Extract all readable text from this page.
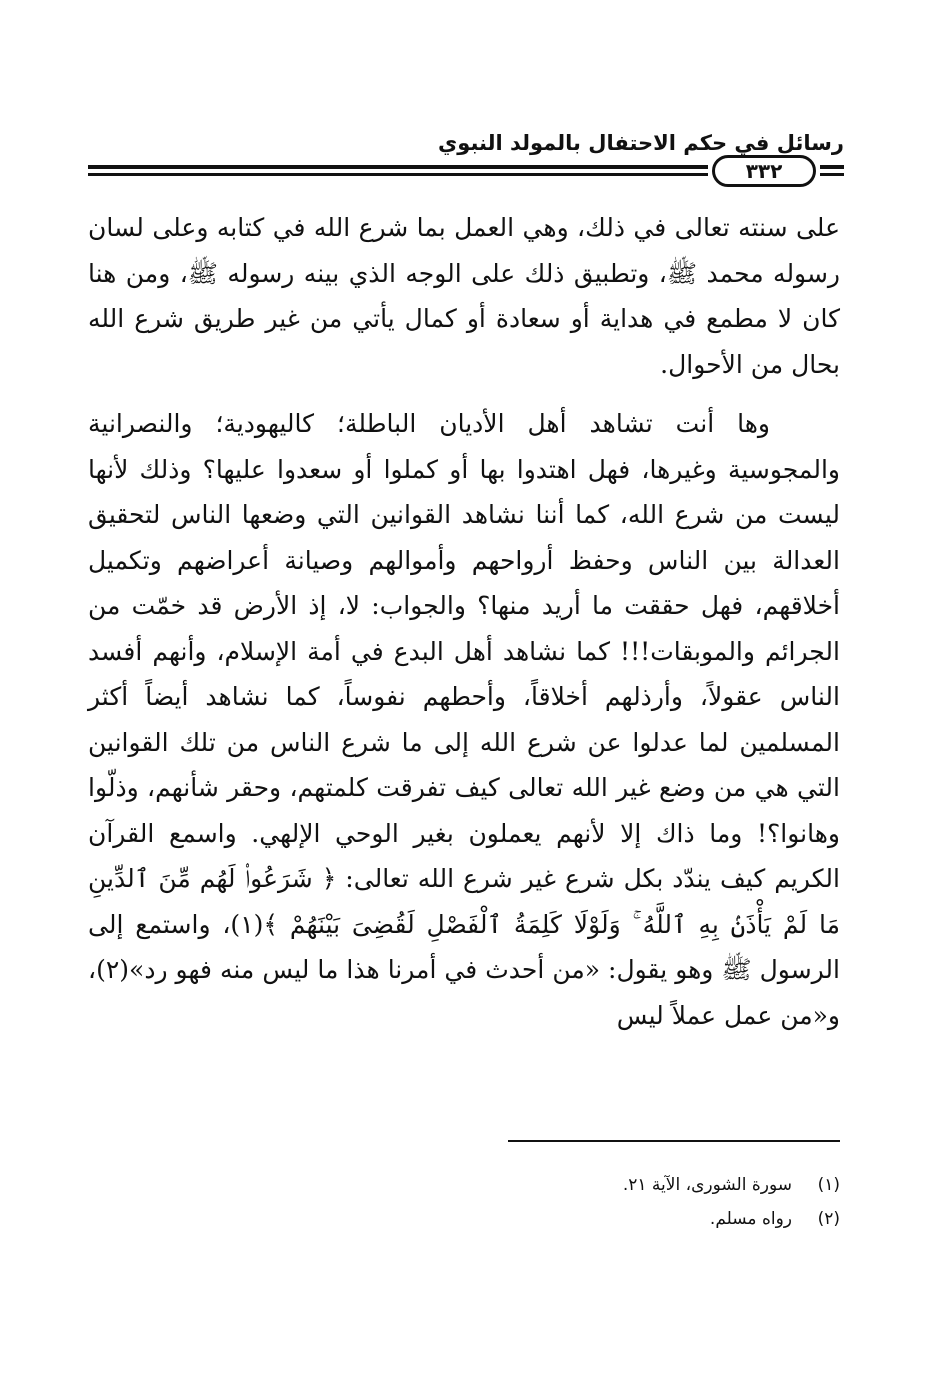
رسائل في حكم الاحتفال بالمولد النبوي
٣٣٢

على سنته تعالى في ذلك، وهي العمل بما شرع الله في كتابه وعلى لسان رسوله محمد ﷺ، وتطبيق ذلك على الوجه الذي بينه رسوله ﷺ، ومن هنا كان لا مطمع في هداية أو سعادة أو كمال يأتي من غير طريق شرع الله بحال من الأحوال.

وها أنت تشاهد أهل الأديان الباطلة؛ كاليهودية؛ والنصرانية والمجوسية وغيرها، فهل اهتدوا بها أو كملوا أو سعدوا عليها؟ وذلك لأنها ليست من شرع الله، كما أننا نشاهد القوانين التي وضعها الناس لتحقيق العدالة بين الناس وحفظ أرواحهم وأموالهم وصيانة أعراضهم وتكميل أخلاقهم، فهل حققت ما أريد منها؟ والجواب: لا، إذ الأرض قد خمّت من الجرائم والموبقات!!! كما نشاهد أهل البدع في أمة الإسلام، وأنهم أفسد الناس عقولاً، وأرذلهم أخلاقاً، وأحطهم نفوساً، كما نشاهد أيضاً أكثر المسلمين لما عدلوا عن شرع الله إلى ما شرع الناس من تلك القوانين التي هي من وضع غير الله تعالى كيف تفرقت كلمتهم، وحقر شأنهم، وذلّوا وهانوا؟! وما ذاك إلا لأنهم يعملون بغير الوحي الإلهي. واسمع القرآن الكريم كيف يندّد بكل شرع غير شرع الله تعالى: ﴿ شَرَعُوا۟ لَهُم مِّنَ ٱلدِّينِ مَا لَمْ يَأْذَنۢ بِهِ ٱللَّهُ ۚ وَلَوْلَا كَلِمَةُ ٱلْفَصْلِ لَقُضِىَ بَيْنَهُمْ ﴾(١)، واستمع إلى الرسول ﷺ وهو يقول: «من أحدث في أمرنا هذا ما ليس منه فهو رد»(٢)، و«من عمل عملاً ليس

(١)سورة الشورى، الآية ٢١.
(٢)رواه مسلم.
